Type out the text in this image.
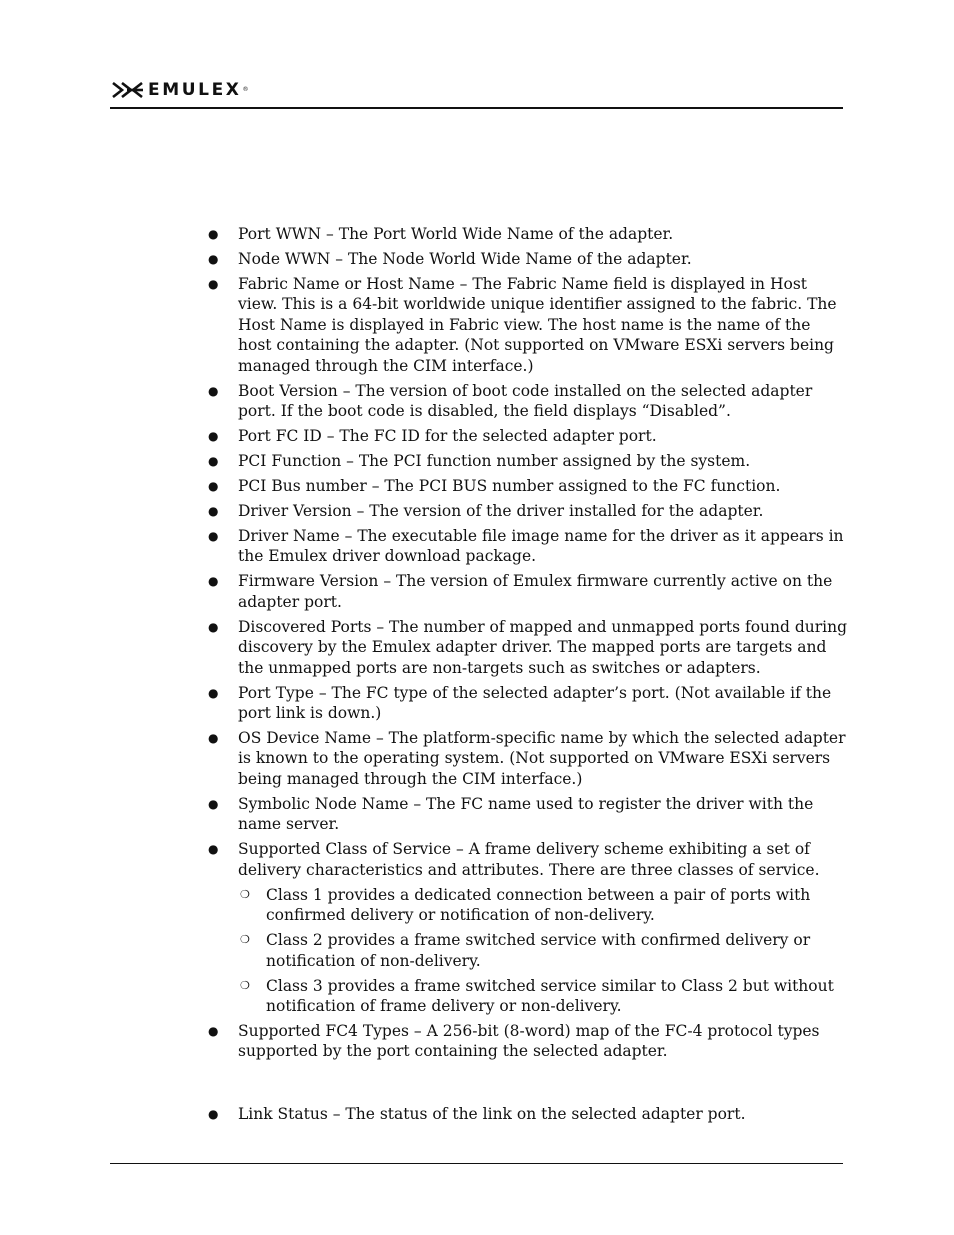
EMULEX ®
● Port WWN – The Port World Wide Name of the adapter.
● Node WWN – The Node World Wide Name of the adapter.
● Fabric Name or Host Name – The Fabric Name field is displayed in Host view. This is a 64-bit worldwide unique identifier assigned to the fabric. The Host Name is displayed in Fabric view. The host name is the name of the host containing the adapter. (Not supported on VMware ESXi servers being managed through the CIM interface.)
● Boot Version – The version of boot code installed on the selected adapter port. If the boot code is disabled, the field displays “Disabled”.
● Port FC ID – The FC ID for the selected adapter port.
● PCI Function – The PCI function number assigned by the system.
● PCI Bus number – The PCI BUS number assigned to the FC function.
● Driver Version – The version of the driver installed for the adapter.
● Driver Name – The executable file image name for the driver as it appears in the Emulex driver download package.
● Firmware Version – The version of Emulex firmware currently active on the adapter port.
● Discovered Ports – The number of mapped and unmapped ports found during discovery by the Emulex adapter driver. The mapped ports are targets and the unmapped ports are non-targets such as switches or adapters.
● Port Type – The FC type of the selected adapter’s port. (Not available if the port link is down.)
● OS Device Name – The platform-specific name by which the selected adapter is known to the operating system. (Not supported on VMware ESXi servers being managed through the CIM interface.)
● Symbolic Node Name – The FC name used to register the driver with the name server.
● Supported Class of Service – A frame delivery scheme exhibiting a set of delivery characteristics and attributes. There are three classes of service.
❍ Class 1 provides a dedicated connection between a pair of ports with confirmed delivery or notification of non-delivery.
❍ Class 2 provides a frame switched service with confirmed delivery or notification of non-delivery.
❍ Class 3 provides a frame switched service similar to Class 2 but without notification of frame delivery or non-delivery.
● Supported FC4 Types – A 256-bit (8-word) map of the FC-4 protocol types supported by the port containing the selected adapter.
● Link Status – The status of the link on the selected adapter port.
